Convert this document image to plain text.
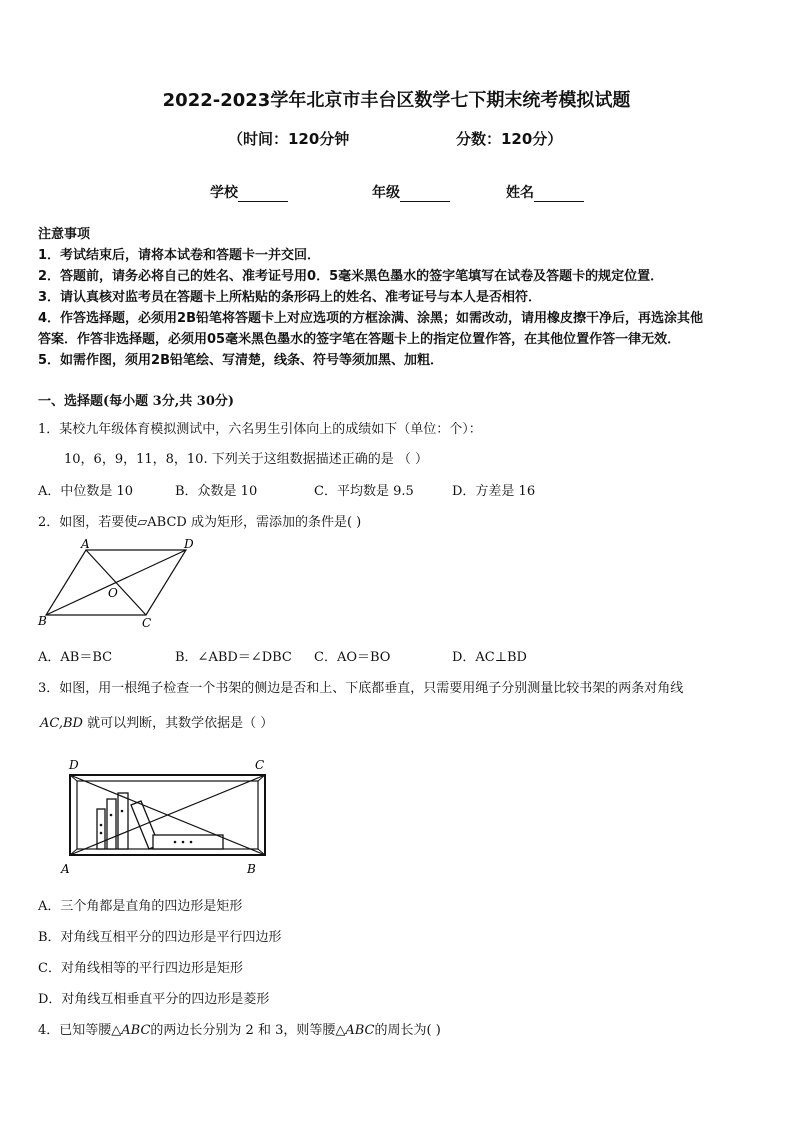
2022-2023学年北京市丰台区数学七下期末统考模拟试题
（时间：120分钟	分数：120分）
学校	年级	姓名
注意事项
1．考试结束后，请将本试卷和答题卡一并交回．
2．答题前，请务必将自己的姓名、准考证号用0．5毫米黑色墨水的签字笔填写在试卷及答题卡的规定位置．
3．请认真核对监考员在答题卡上所粘贴的条形码上的姓名、准考证号与本人是否相符．
4．作答选择题，必须用2B铅笔将答题卡上对应选项的方框涂满、涂黑；如需改动，请用橡皮擦干净后，再选涂其他
答案．作答非选择题，必须用05毫米黑色墨水的签字笔在答题卡上的指定位置作答，在其他位置作答一律无效．
5．如需作图，须用2B铅笔绘、写清楚，线条、符号等须加黑、加粗．
一、选择题(每小题 3分,共 30分)
1．某校九年级体育模拟测试中，六名男生引体向上的成绩如下（单位：个）：
10，6，9，11，8，10. 下列关于这组数据描述正确的是 （ ）
A．中位数是 10	B．众数是 10	C．平均数是 9.5	D．方差是 16
2．如图，若要使▱ABCD 成为矩形，需添加的条件是( )
A	D
O
B	C
A．AB＝BC	B．∠ABD＝∠DBC C．AO＝BO	D．AC⊥BD
3．如图，用一根绳子检查一个书架的侧边是否和上、下底都垂直，只需要用绳子分别测量比较书架的两条对角线
AC,BD 就可以判断，其数学依据是（ ）
D	C
A	B
A．三个角都是直角的四边形是矩形
B．对角线互相平分的四边形是平行四边形
C．对角线相等的平行四边形是矩形
D．对角线互相垂直平分的四边形是菱形
4．已知等腰△ABC的两边长分别为 2 和 3，则等腰△ABC的周长为( )
